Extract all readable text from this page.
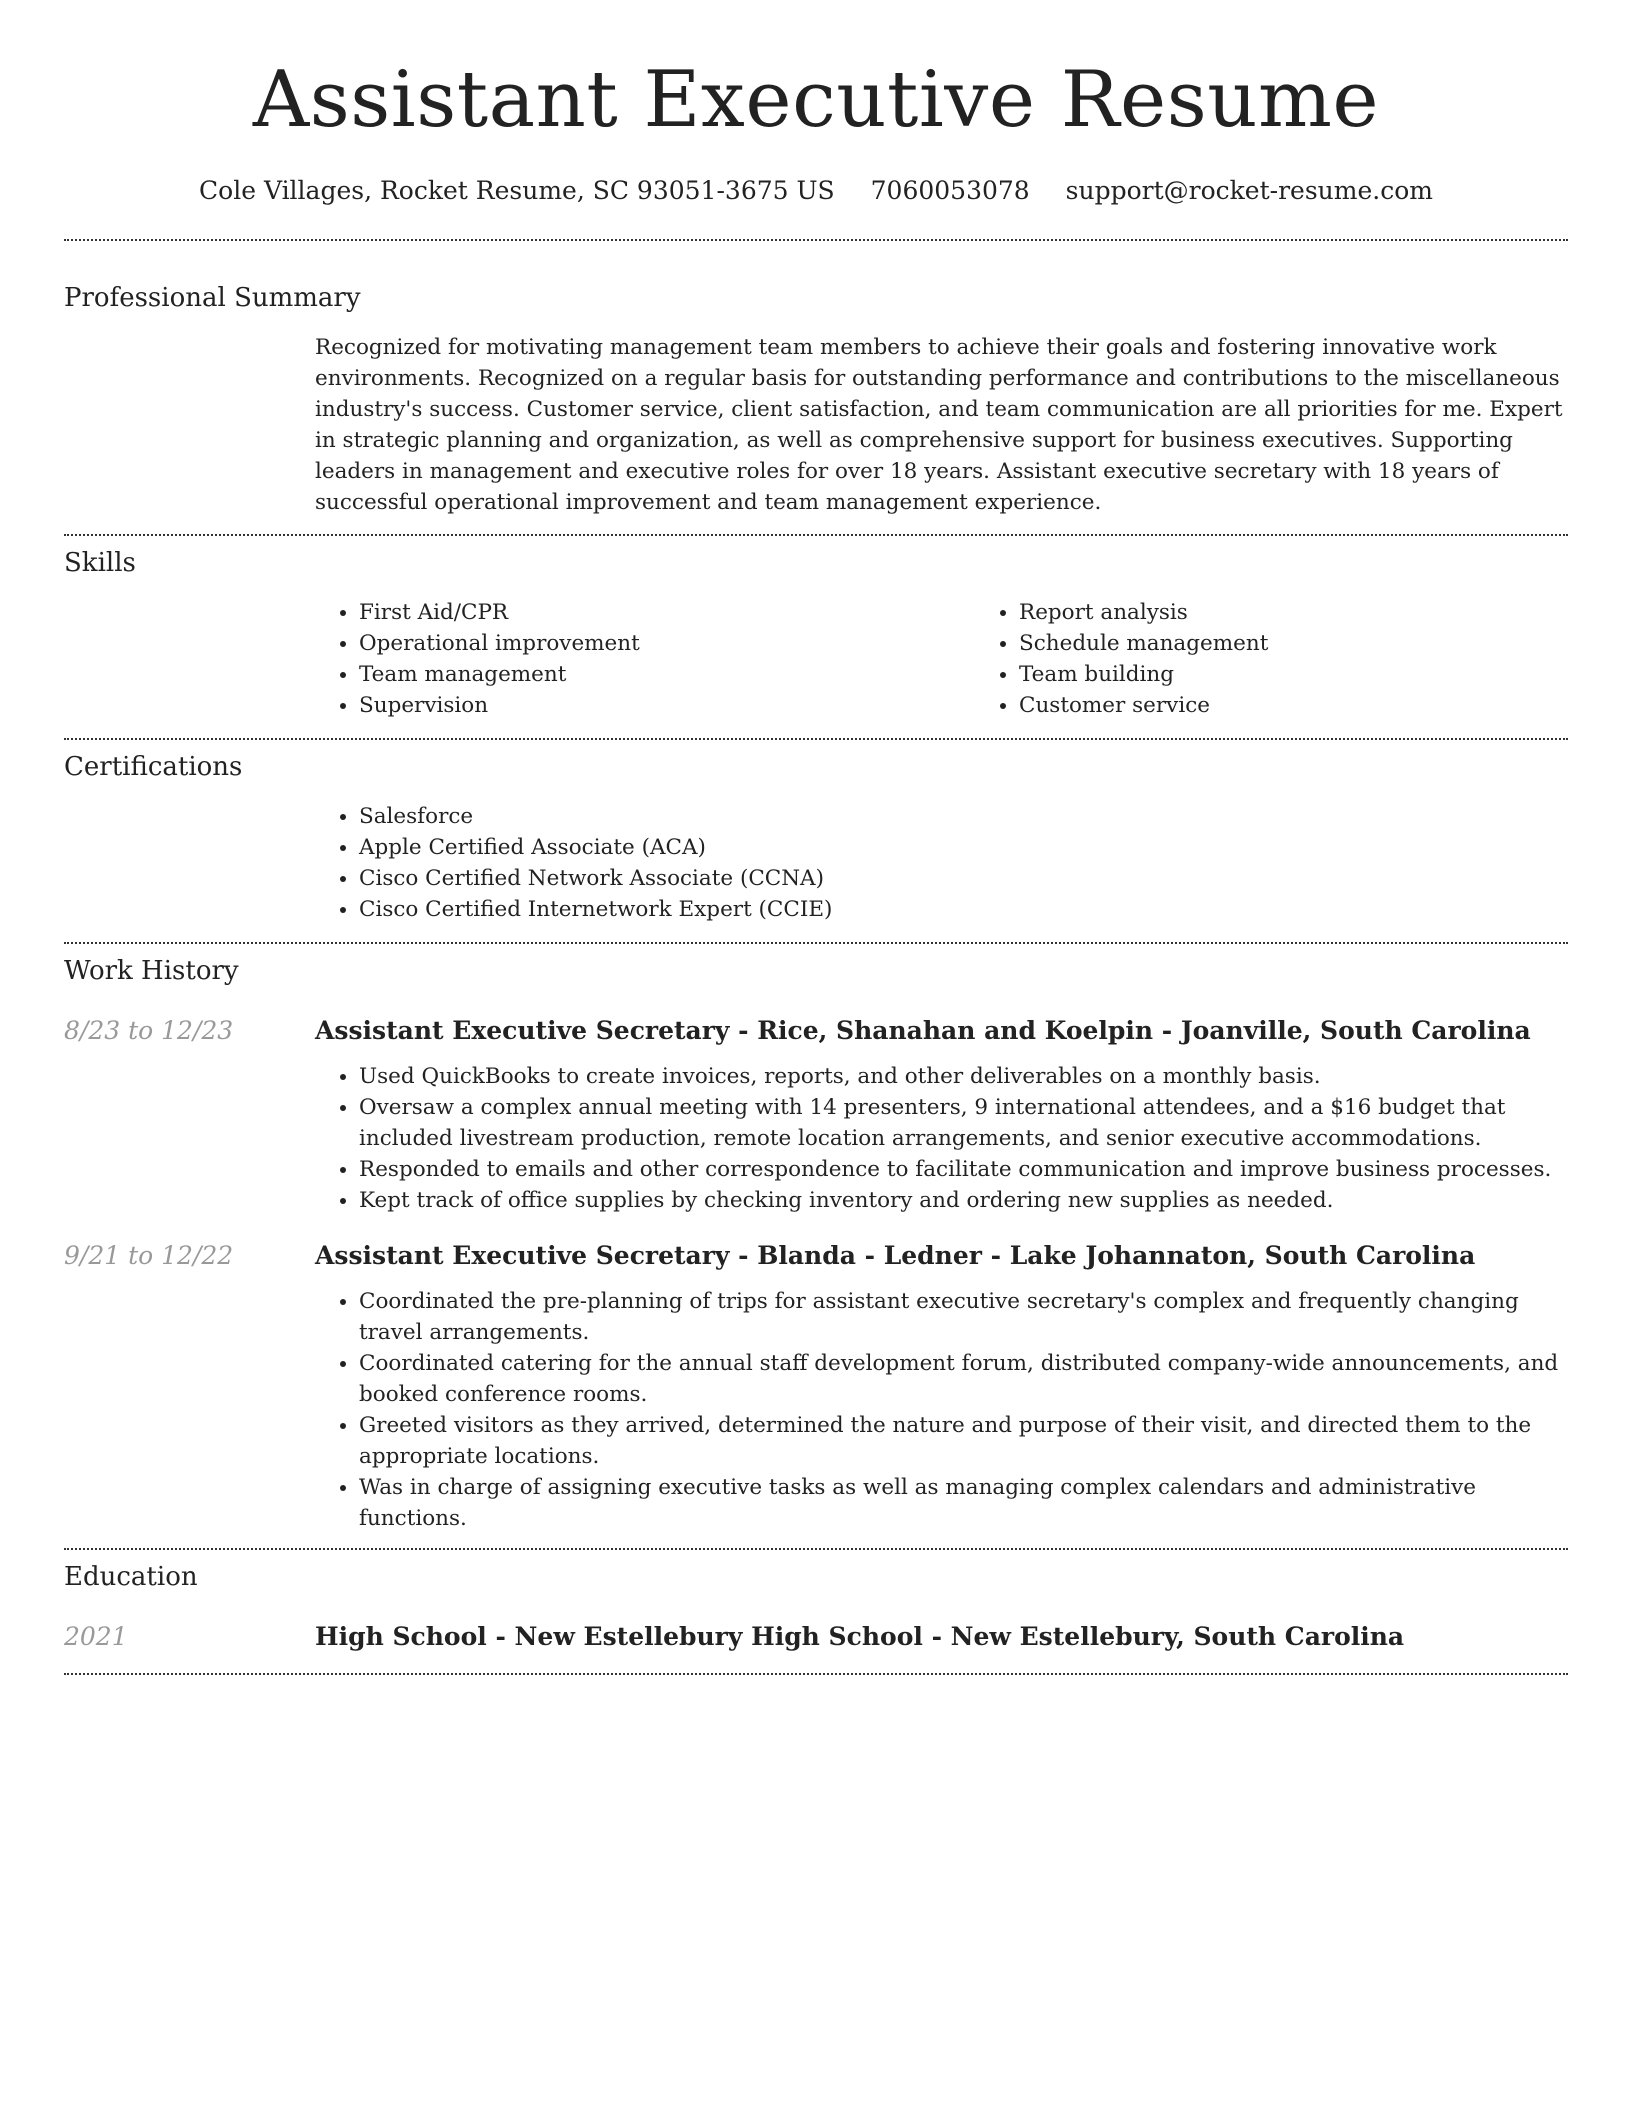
Assistant Executive Resume
Cole Villages, Rocket Resume, SC 93051-3675 US 7060053078 support@rocket-resume.com
Professional Summary

Recognized for motivating management team members to achieve their goals and fostering innovative work environments. Recognized on a regular basis for outstanding performance and contributions to the miscellaneous industry's success. Customer service, client satisfaction, and team communication are all priorities for me. Expert in strategic planning and organization, as well as comprehensive support for business executives. Supporting leaders in management and executive roles for over 18 years. Assistant executive secretary with 18 years of successful operational improvement and team management experience.

Skills
• First Aid/CPR
• Operational improvement
• Team management
• Supervision
• Report analysis
• Schedule management
• Team building
• Customer service
Certifications
• Salesforce
• Apple Certified Associate (ACA)
• Cisco Certified Network Associate (CCNA)
• Cisco Certified Internetwork Expert (CCIE)
Work History
8/23 to 12/23	Assistant Executive Secretary - Rice, Shanahan and Koelpin - Joanville, South Carolina
• Used QuickBooks to create invoices, reports, and other deliverables on a monthly basis.
• Oversaw a complex annual meeting with 14 presenters, 9 international attendees, and a $16 budget that included livestream production, remote location arrangements, and senior executive accommodations.
• Responded to emails and other correspondence to facilitate communication and improve business processes.
• Kept track of office supplies by checking inventory and ordering new supplies as needed.
9/21 to 12/22	Assistant Executive Secretary - Blanda - Ledner - Lake Johannaton, South Carolina
• Coordinated the pre-planning of trips for assistant executive secretary's complex and frequently changing travel arrangements.
• Coordinated catering for the annual staff development forum, distributed company-wide announcements, and booked conference rooms.
• Greeted visitors as they arrived, determined the nature and purpose of their visit, and directed them to the appropriate locations.
• Was in charge of assigning executive tasks as well as managing complex calendars and administrative functions.
Education
2021	High School - New Estellebury High School - New Estellebury, South Carolina
